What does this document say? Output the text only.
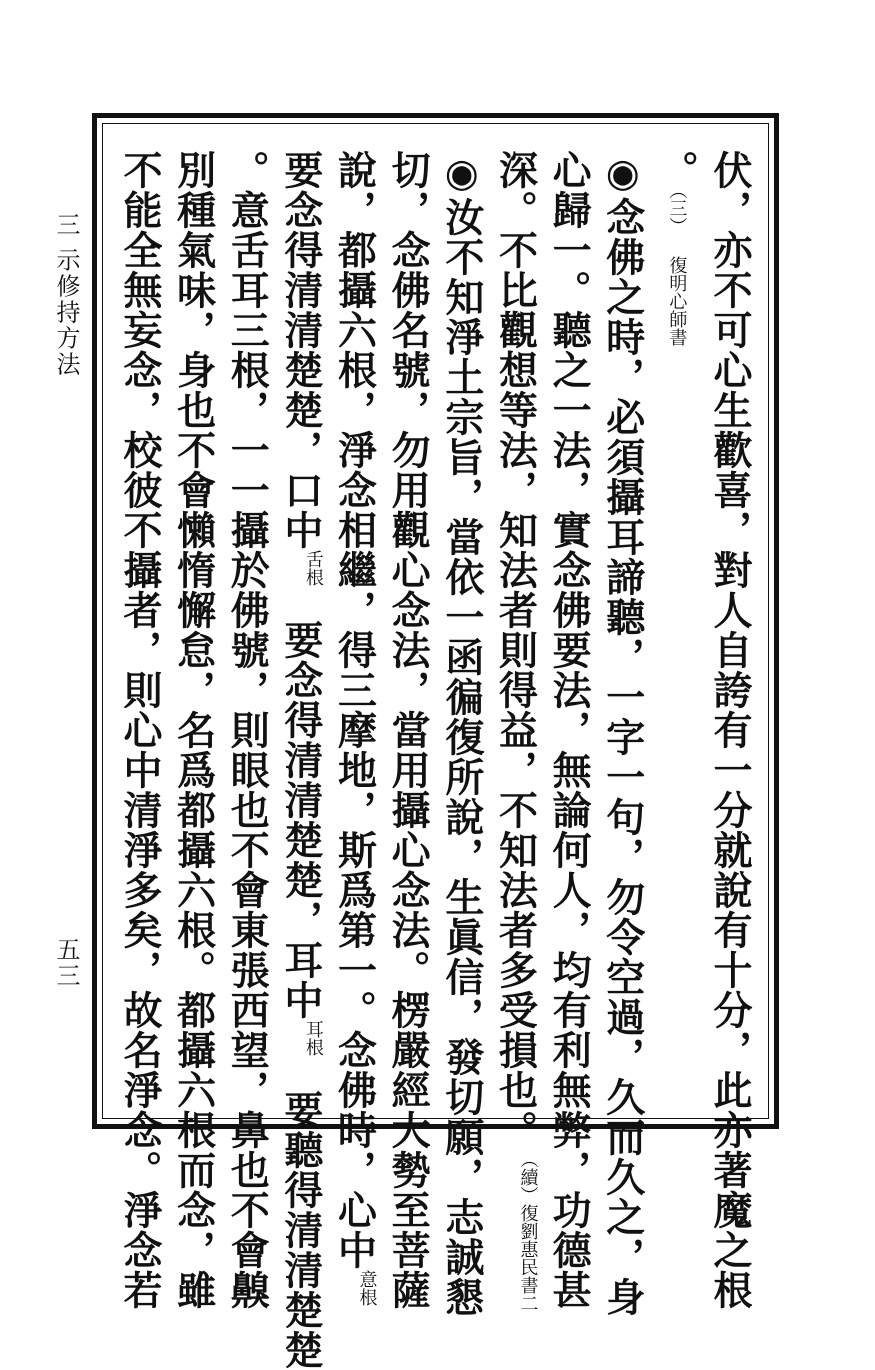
三 示修持方法
五三	伏，亦不可心生歡喜，對人自誇有一分就說有十分，此亦著魔之根
。（三） 復明心師書
◉念佛之時，必須攝耳諦聽，一字一句，勿令空過，久而久之，身
心歸一。聽之一法，實念佛要法，無論何人，均有利無弊，功德甚
深。不比觀想等法，知法者則得益，不知法者多受損也。（續）復劉惠民書二
◉汝不知淨土宗旨，當依一函徧復所說，生眞信，發切願，志誠懇
切，念佛名號，勿用觀心念法，當用攝心念法。楞嚴經大勢至菩薩
說，都攝六根，淨念相繼，得三摩地，斯爲第一。念佛時，心中意根
要念得清清楚楚，口中舌根要念得清清楚楚，耳中耳根要聽得清清楚楚
。意舌耳三根，一一攝於佛號，則眼也不會東張西望，鼻也不會齅
別種氣味，身也不會懶惰懈怠，名爲都攝六根。都攝六根而念，雖
不能全無妄念，校彼不攝者，則心中清淨多矣，故名淨念。淨念若
